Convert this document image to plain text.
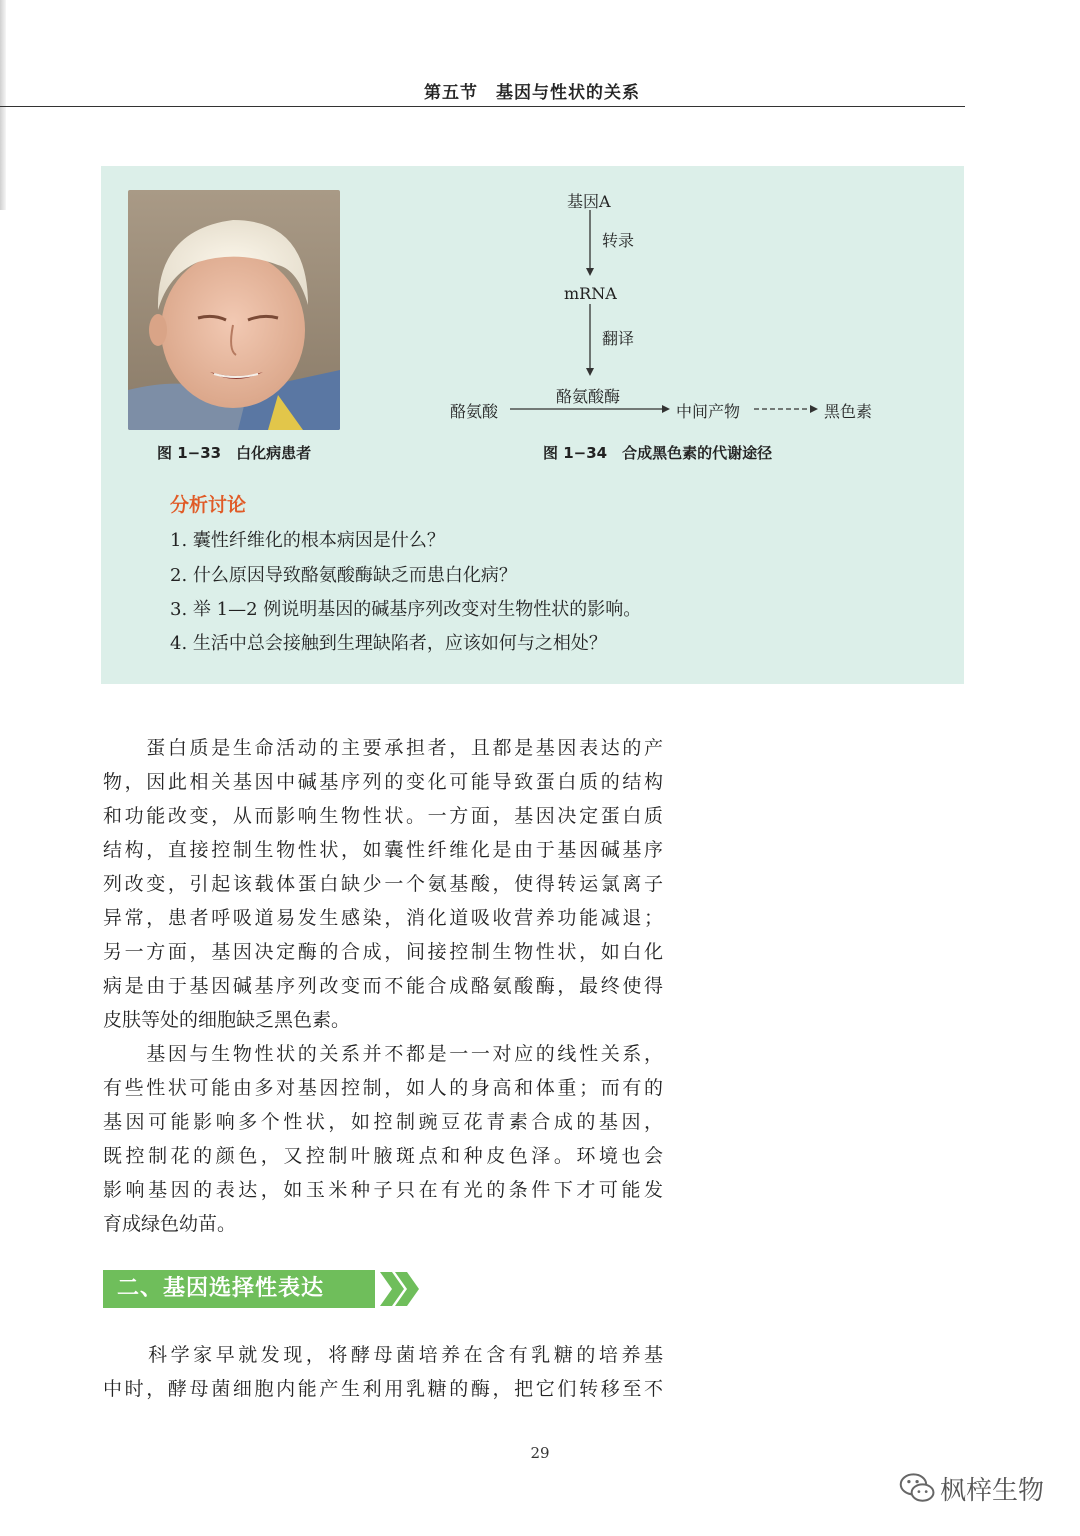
第五节　基因与性状的关系
图 1−33　白化病患者
基因A
转录
mRNA
翻译
酪氨酸酶
酪氨酸	中间产物	黑色素
图 1−34　合成黑色素的代谢途径
分析讨论
1. 囊性纤维化的根本病因是什么？
2. 什么原因导致酪氨酸酶缺乏而患白化病？
3. 举 1—2 例说明基因的碱基序列改变对生物性状的影响。
4. 生活中总会接触到生理缺陷者，应该如何与之相处？

　　蛋白质是生命活动的主要承担者，且都是基因表达的产

物，因此相关基因中碱基序列的变化可能导致蛋白质的结构

和功能改变，从而影响生物性状。一方面，基因决定蛋白质

结构，直接控制生物性状，如囊性纤维化是由于基因碱基序

列改变，引起该载体蛋白缺少一个氨基酸，使得转运氯离子

异常，患者呼吸道易发生感染，消化道吸收营养功能减退；

另一方面，基因决定酶的合成，间接控制生物性状，如白化

病是由于基因碱基序列改变而不能合成酪氨酸酶，最终使得

皮肤等处的细胞缺乏黑色素。

　　基因与生物性状的关系并不都是一一对应的线性关系，

有些性状可能由多对基因控制，如人的身高和体重；而有的

基因可能影响多个性状，如控制豌豆花青素合成的基因，

既控制花的颜色，又控制叶腋斑点和种皮色泽。环境也会

影响基因的表达，如玉米种子只在有光的条件下才可能发

育成绿色幼苗。

二、基因选择性表达

　　科学家早就发现，将酵母菌培养在含有乳糖的培养基

中时，酵母菌细胞内能产生利用乳糖的酶，把它们转移至不

29
枫梓生物
